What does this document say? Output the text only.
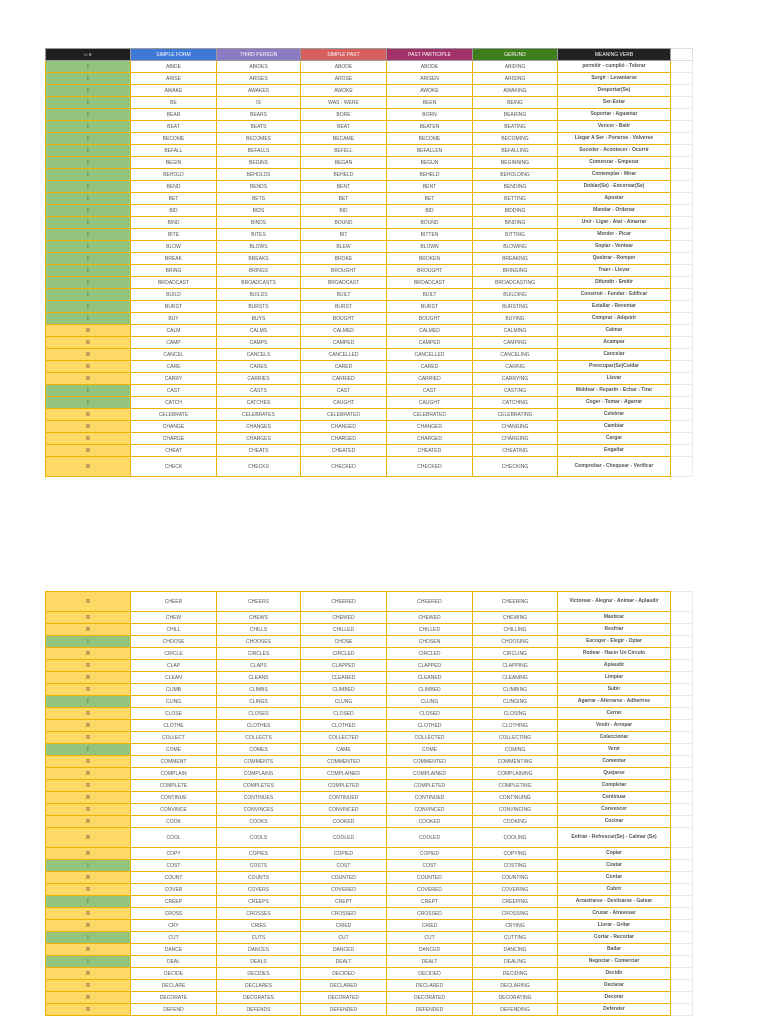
I / R	SIMPLE FORM	THIRD PERSON	SIMPLE PAST	PAST PARTICIPLE	GERUND	MEANING VERB	
I	ABIDE	ABIDES	ABODE	ABODE	ABIDING	permitir - cumplió - Tolerar	
I	ARISE	ARISES	AROSE	ARISEN	ARISING	Surgir - Levantarse	
I	AWAKE	AWAKES	AWOKE	AWOKE	AWAKING	Despertar(Se)	
I	BE	IS	WAS - WERE	BEEN	BEING	Ser-Estar	
I	BEAR	BEARS	BORE	BORN	BEARING	Soportar - Aguantar	
I	BEAT	BEATS	BEAT	BEATEN	BEATING	Vencer - Batir	
I	BECOME	BECOMES	BECAME	BECOME	BECOMING	Llegar A Ser - Ponerse - Volverse	
I	BEFALL	BEFALLS	BEFELL	BEFALLEN	BEFALLING	Suceder - Acontecer - Ocurrir	
I	BEGIN	BEGINS	BEGAN	BEGUN	BEGINNING	Comenzar - Empezar	
I	BEHOLD	BEHOLDS	BEHELD	BEHELD	BEHOLDING	Contemplar - Mirar	
I	BEND	BENDS	BENT	BENT	BENDING	Doblar(Se) - Encorvar(Se)	
I	BET	BETS	BET	BET	BETTING	Apostar	
I	BID	BIDS	BID	BID	BIDDING	Mandar - Ordenar	
I	BIND	BINDS	BOUND	BOUND	BINDING	Unir - Ligar - Atar - Amarrar	
I	BITE	BITES	BIT	BITTEN	BITTING	Morder - Picar	
I	BLOW	BLOWS	BLEW	BLOWN	BLOWING	Soplar - Ventear	
I	BREAK	BREAKS	BROKE	BROKEN	BREAKING	Quebrar - Romper	
I	BRING	BRINGS	BROUGHT	BROUGHT	BRINGING	Traer - Llevar	
I	BROADCAST	BROADCASTS	BROADCAST	BROADCAST	BROADCASTING	Difundir - Emitir	
I	BUILD	BUILDS	BUILT	BUILT	BUILDING	Construir - Fundar - Edificar	
I	BURST	BURSTS	BURST	BURST	BURSTING	Estallar - Reventar	
I	BUY	BUYS	BOUGHT	BOUGHT	BUYING	Comprar - Adquirir	
R	CALM	CALMS	CALMED	CALMED	CALMING	Calmar	
R	CAMP	CAMPS	CAMPED	CAMPED	CAMPING	Acampar	
R	CANCEL	CANCELS	CANCELLED	CANCELLED	CANCELING	Cancelar	
R	CARE	CARES	CARED	CARED	CARING	Preocupar(Se)Cuidar	
R	CARRY	CARRIES	CARRIED	CARRIED	CARRYING	Llevar	
I	CAST	CASTS	CAST	CAST	CASTING	Moldear - Repartir - Echar - Tirar	
I	CATCH	CATCHES	CAUGHT	CAUGHT	CATCHING	Coger - Tomar - Agarrar	
R	CELEBRATE	CELEBRATES	CELEBRATED	CELEBRATED	CELEBRATING	Celebrar	
R	CHANGE	CHANGES	CHANGED	CHANGED	CHANGING	Cambiar	
R	CHARGE	CHARGES	CHARGED	CHARGED	CHARGING	Cargar	
R	CHEAT	CHEATS	CHEATED	CHEATED	CHEATING	Engañar	
R	CHECK	CHECKS	CHECKED	CHECKED	CHECKING	Comprobar - Chequear - Verificar	
R	CHEER	CHEERS	CHEERED	CHEERED	CHEERING	Victorear - Alegrar - Animar - Aplaudir	
R	CHEW	CHEWS	CHEWED	CHEWED	CHEWING	Masticar	
R	CHILL	CHILLS	CHILLED	CHILLED	CHILLING	Resfriar	
I	CHOOSE	CHOOSES	CHOSE	CHOSEN	CHOOSING	Escoger - Elegir - Optar	
R	CIRCLE	CIRCLES	CIRCLED	CIRCLED	CIRCLING	Rodear - Hacer Un Circulo	
R	CLAP	CLAPS	CLAPPED	CLAPPED	CLAPPING	Aplaudir	
R	CLEAN	CLEANS	CLEANED	CLEANED	CLEANING	Limpiar	
R	CLIMB	CLIMBS	CLIMBED	CLIMBED	CLIMBING	Subir	
I	CLING	CLINGS	CLUNG	CLUNG	CLINGING	Agarrar - Aferrarse - Adherirse	
R	CLOSE	CLOSES	CLOSED	CLOSED	CLOSING	Cerrar	
R	CLOTHE	CLOTHES	CLOTHED	CLOTHED	CLOTHING	Vestir - Arropar	
R	COLLECT	COLLECTS	COLLECTED	COLLECTED	COLLECTING	Coleccionar	
I	COME	COMES	CAME	COME	COMING	Venir	
R	COMMENT	COMMENTS	COMMENTED	COMMENTED	COMMENTING	Comentar	
R	COMPLAIN	COMPLAINS	COMPLAINED	COMPLAINED	COMPLAINING	Quejarse	
R	COMPLETE	COMPLETES	COMPLETED	COMPLETED	COMPLETING	Completar	
R	CONTINUE	CONTINUES	CONTINUED	CONTINUED	CONTINUING	Continuar	
R	CONVINCE	CONVINCES	CONVINCED	CONVINCED	CONVINCING	Convencer	
R	COOK	COOKS	COOKED	COOKED	COOKING	Cocinar	
R	COOL	COOLS	COOLED	COOLED	COOLING	Enfriar - Refrescar(Se) - Calmar (Se)	
R	COPY	COPIES	COPIED	COPIED	COPYING	Copiar	
I	COST	COSTS	COST	COST	COSTING	Costar	
R	COUNT	COUNTS	COUNTED	COUNTED	COUNTING	Contar	
R	COVER	COVERS	COVERED	COVERED	COVERING	Cubrir	
I	CREEP	CREEPS	CREPT	CREPT	CREEPING	Arrastrarse - Deslizarse - Gatear	
R	CROSS	CROSSES	CROSSED	CROSSED	CROSSING	Cruzar - Atravesar	
R	CRY	CRIES	CRIED	CRIED	CRYING	Llorar - Gritar	
I	CUT	CUTS	CUT	CUT	CUTTING	Cortar - Recortar	
R	DANCE	DANCES	DANCED	DANCED	DANCING	Bailar	
I	DEAL	DEALS	DEALT	DEALT	DEALING	Negociar - Comerciar	
R	DECIDE	DECIDES	DECIDED	DECIDED	DECIDING	Decidir	
R	DECLARE	DECLARES	DECLARED	DECLARED	DECLARING	Declarar	
R	DECORATE	DECORATES	DECORATED	DECORATED	DECORATING	Decorar	
R	DEFEND	DEFENDS	DEFENDED	DEFENDED	DEFENDING	Defender	
